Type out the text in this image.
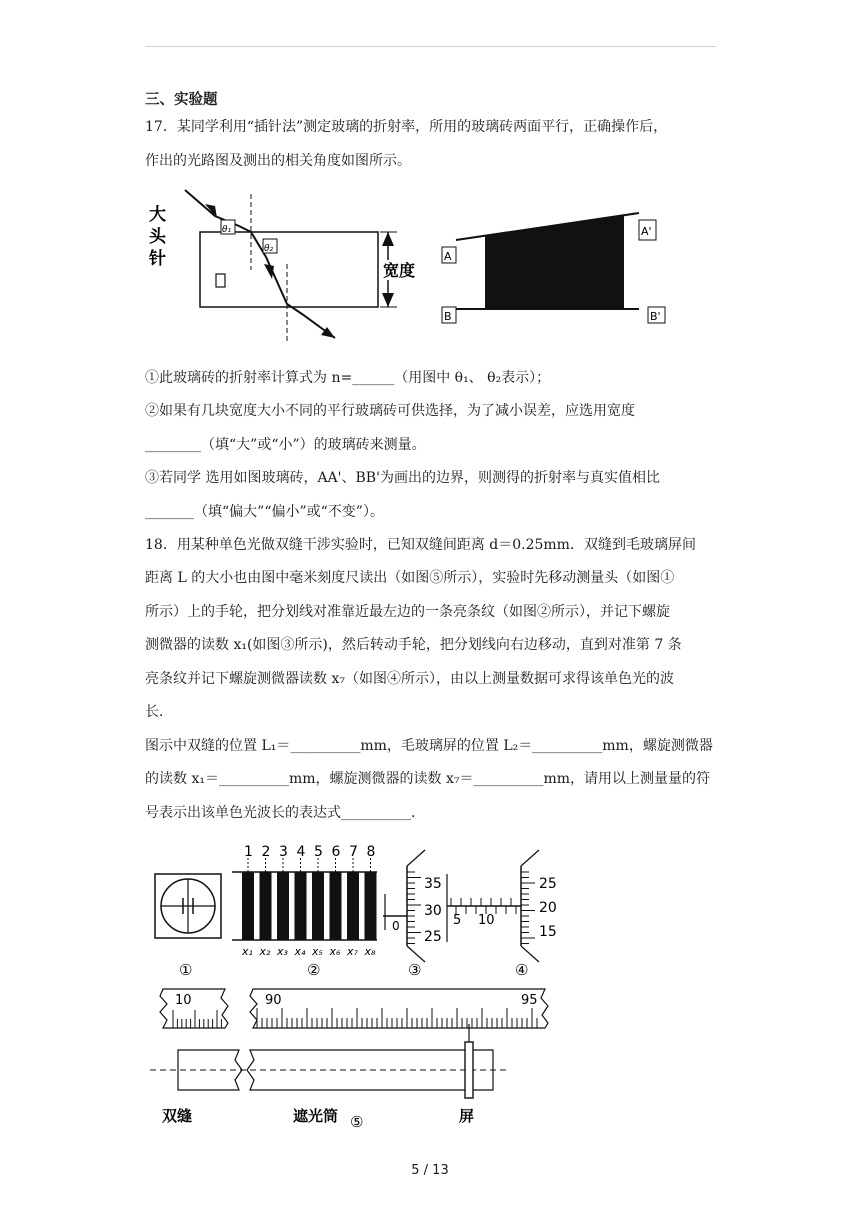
三、实验题
17．某同学利用“插针法”测定玻璃的折射率，所用的玻璃砖两面平行，正确操作后，
作出的光路图及测出的相关角度如图所示。
大
头
针
θ₁
θ₂
宽度
A
A'
B	B'
①此玻璃砖的折射率计算式为 n=______（用图中 θ₁、 θ₂表示）；
②如果有几块宽度大小不同的平行玻璃砖可供选择，为了减小误差，应选用宽度
________（填“大”或“小”）的玻璃砖来测量。
③若同学 选用如图玻璃砖，AA'、BB'为画出的边界，则测得的折射率与真实值相比
_______（填“偏大”“偏小”或“不变”）。
18．用某种单色光做双缝干涉实验时，已知双缝间距离 d＝0.25mm．双缝到毛玻璃屏间
距离 L 的大小也由图中毫米刻度尺读出（如图⑤所示），实验时先移动测量头（如图①
所示）上的手轮，把分划线对准靠近最左边的一条亮条纹（如图②所示），并记下螺旋
测微器的读数 x₁(如图③所示)，然后转动手轮，把分划线向右边移动，直到对准第 7 条
亮条纹并记下螺旋测微器读数 x₇（如图④所示），由以上测量数据可求得该单色光的波
长．
图示中双缝的位置 L₁＝__________mm，毛玻璃屏的位置 L₂＝__________mm，螺旋测微器
的读数 x₁＝__________mm，螺旋测微器的读数 x₇＝__________mm，请用以上测量量的符
号表示出该单色光波长的表达式__________．
①
1
x₁
2
x₂
3
x₃
4
x₄
5
x₅
6
x₆
7
x₇
8
x₈
②
35
30
25
0
③
25
20
15
5 10
④
10	90	95
双缝	遮光筒	屏
⑤
5 / 13
